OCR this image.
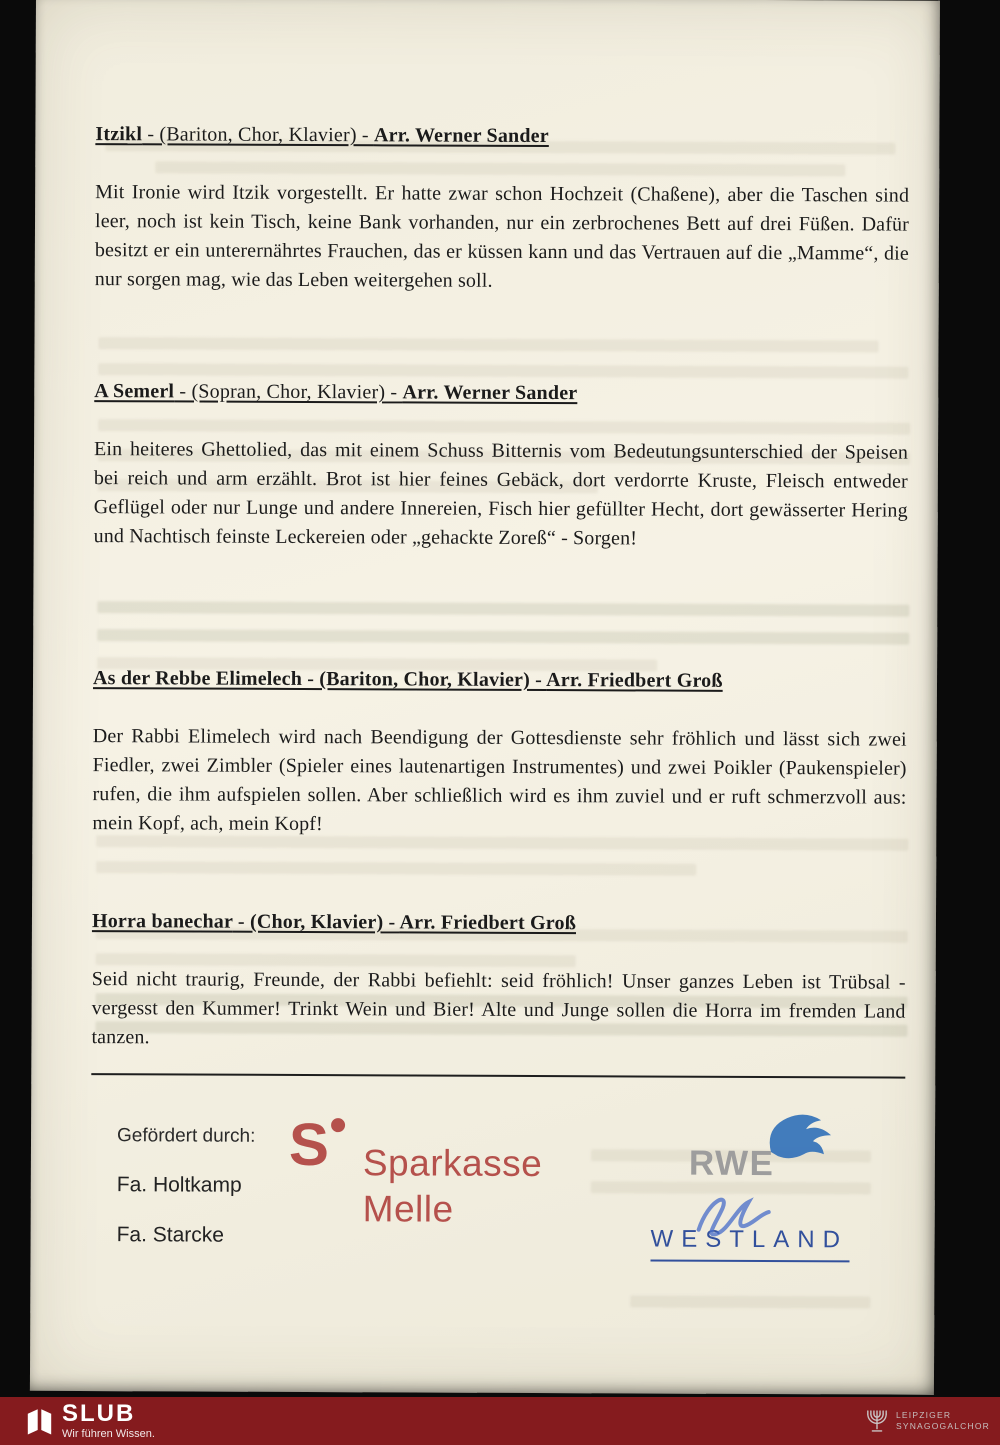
Itzikl - (Bariton, Chor, Klavier) - Arr. Werner Sander

Mit Ironie wird Itzik vorgestellt. Er hatte zwar schon Hochzeit (Chaßene), aber die Taschen sind leer, noch ist kein Tisch, keine Bank vorhanden, nur ein zerbrochenes Bett auf drei Füßen. Dafür besitzt er ein unterernährtes Frauchen, das er küssen kann und das Vertrauen auf die „Mamme“, die nur sorgen mag, wie das Leben weitergehen soll.

A Semerl - (Sopran, Chor, Klavier) - Arr. Werner Sander

Ein heiteres Ghettolied, das mit einem Schuss Bitternis vom Bedeutungsunterschied der Speisen bei reich und arm erzählt. Brot ist hier feines Gebäck, dort verdorrte Kruste, Fleisch entweder Geflügel oder nur Lunge und andere Innereien, Fisch hier gefüllter Hecht, dort gewässerter Hering und Nachtisch feinste Leckereien oder „gehackte Zoreß“ - Sorgen!

As der Rebbe Elimelech - (Bariton, Chor, Klavier) - Arr. Friedbert Groß

Der Rabbi Elimelech wird nach Beendigung der Gottesdienste sehr fröhlich und lässt sich zwei Fiedler, zwei Zimbler (Spieler eines lautenartigen Instrumentes) und zwei Poikler (Paukenspieler) rufen, die ihm aufspielen sollen. Aber schließlich wird es ihm zuviel und er ruft schmerzvoll aus: mein Kopf, ach, mein Kopf!

Horra banechar - (Chor, Klavier) - Arr. Friedbert Groß

Seid nicht traurig, Freunde, der Rabbi befiehlt: seid fröhlich! Unser ganzes Leben ist Trübsal - vergesst den Kummer! Trinkt Wein und Bier! Alte und Junge sollen die Horra im fremden Land tanzen.

Gefördert durch:
Fa. Holtkamp
Fa. Starcke
S Sparkasse
Melle
RWE
WESTLAND
SLUB
Wir führen Wissen.
LEIPZIGER
SYNAGOGALCHOR
